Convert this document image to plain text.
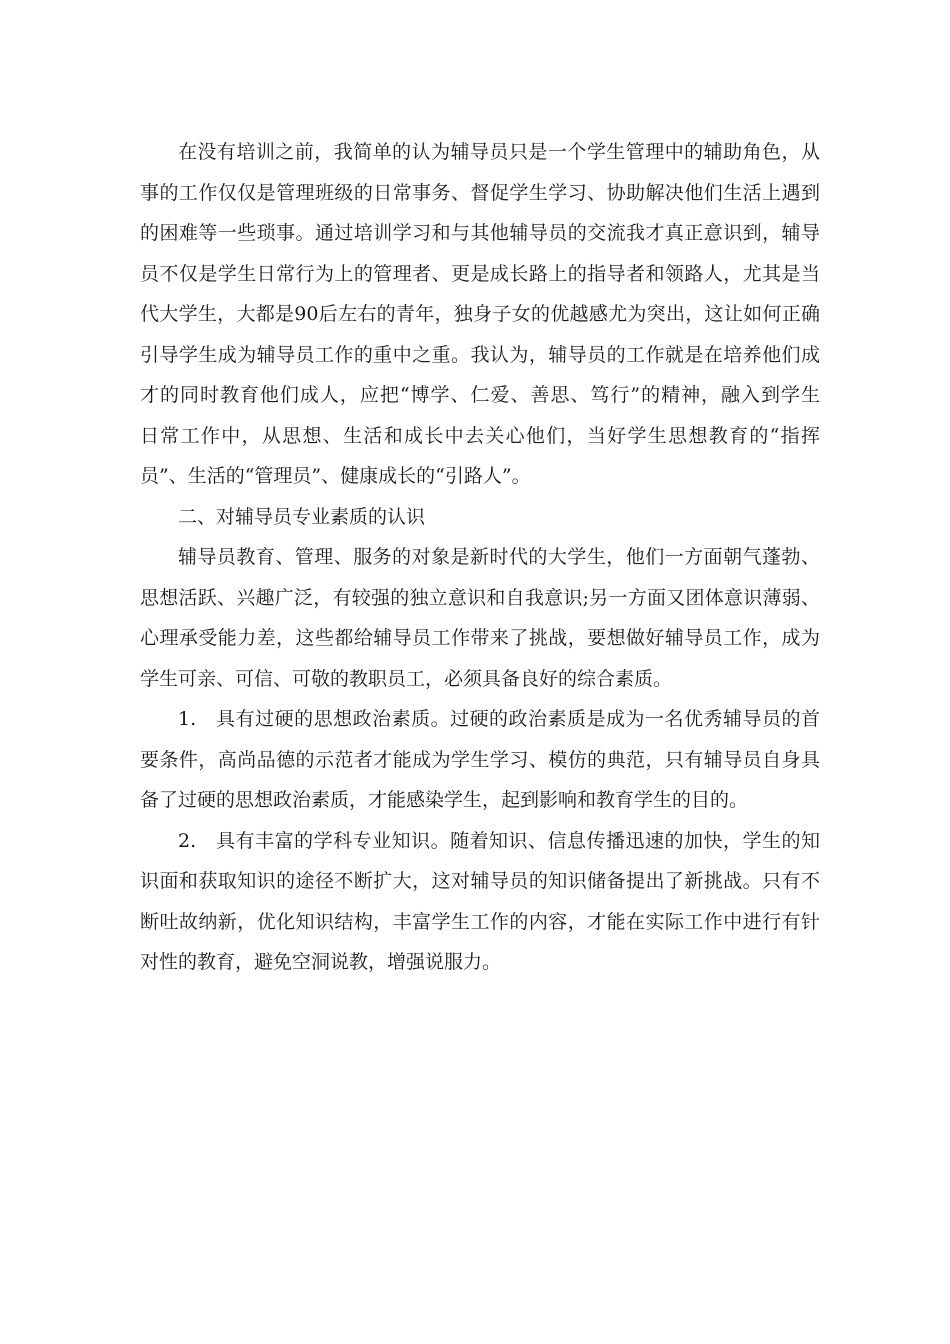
在没有培训之前，我简单的认为辅导员只是一个学生管理中的辅助角色，从
事的工作仅仅是管理班级的日常事务、督促学生学习、协助解决他们生活上遇到
的困难等一些琐事。通过培训学习和与其他辅导员的交流我才真正意识到，辅导
员不仅是学生日常行为上的管理者、更是成长路上的指导者和领路人，尤其是当
代大学生，大都是90后左右的青年，独身子女的优越感尤为突出，这让如何正确
引导学生成为辅导员工作的重中之重。我认为，辅导员的工作就是在培养他们成
才的同时教育他们成人，应把“博学、仁爱、善思、笃行”的精神，融入到学生
日常工作中，从思想、生活和成长中去关心他们，当好学生思想教育的“指挥
员”、生活的“管理员”、健康成长的“引路人”。
二、对辅导员专业素质的认识
辅导员教育、管理、服务的对象是新时代的大学生，他们一方面朝气蓬勃、
思想活跃、兴趣广泛，有较强的独立意识和自我意识;另一方面又团体意识薄弱、
心理承受能力差，这些都给辅导员工作带来了挑战，要想做好辅导员工作，成为
学生可亲、可信、可敬的教职员工，必须具备良好的综合素质。
1.　具有过硬的思想政治素质。过硬的政治素质是成为一名优秀辅导员的首
要条件，高尚品德的示范者才能成为学生学习、模仿的典范，只有辅导员自身具
备了过硬的思想政治素质，才能感染学生，起到影响和教育学生的目的。
2.　具有丰富的学科专业知识。随着知识、信息传播迅速的加快，学生的知
识面和获取知识的途径不断扩大，这对辅导员的知识储备提出了新挑战。只有不
断吐故纳新，优化知识结构，丰富学生工作的内容，才能在实际工作中进行有针
对性的教育，避免空洞说教，增强说服力。
